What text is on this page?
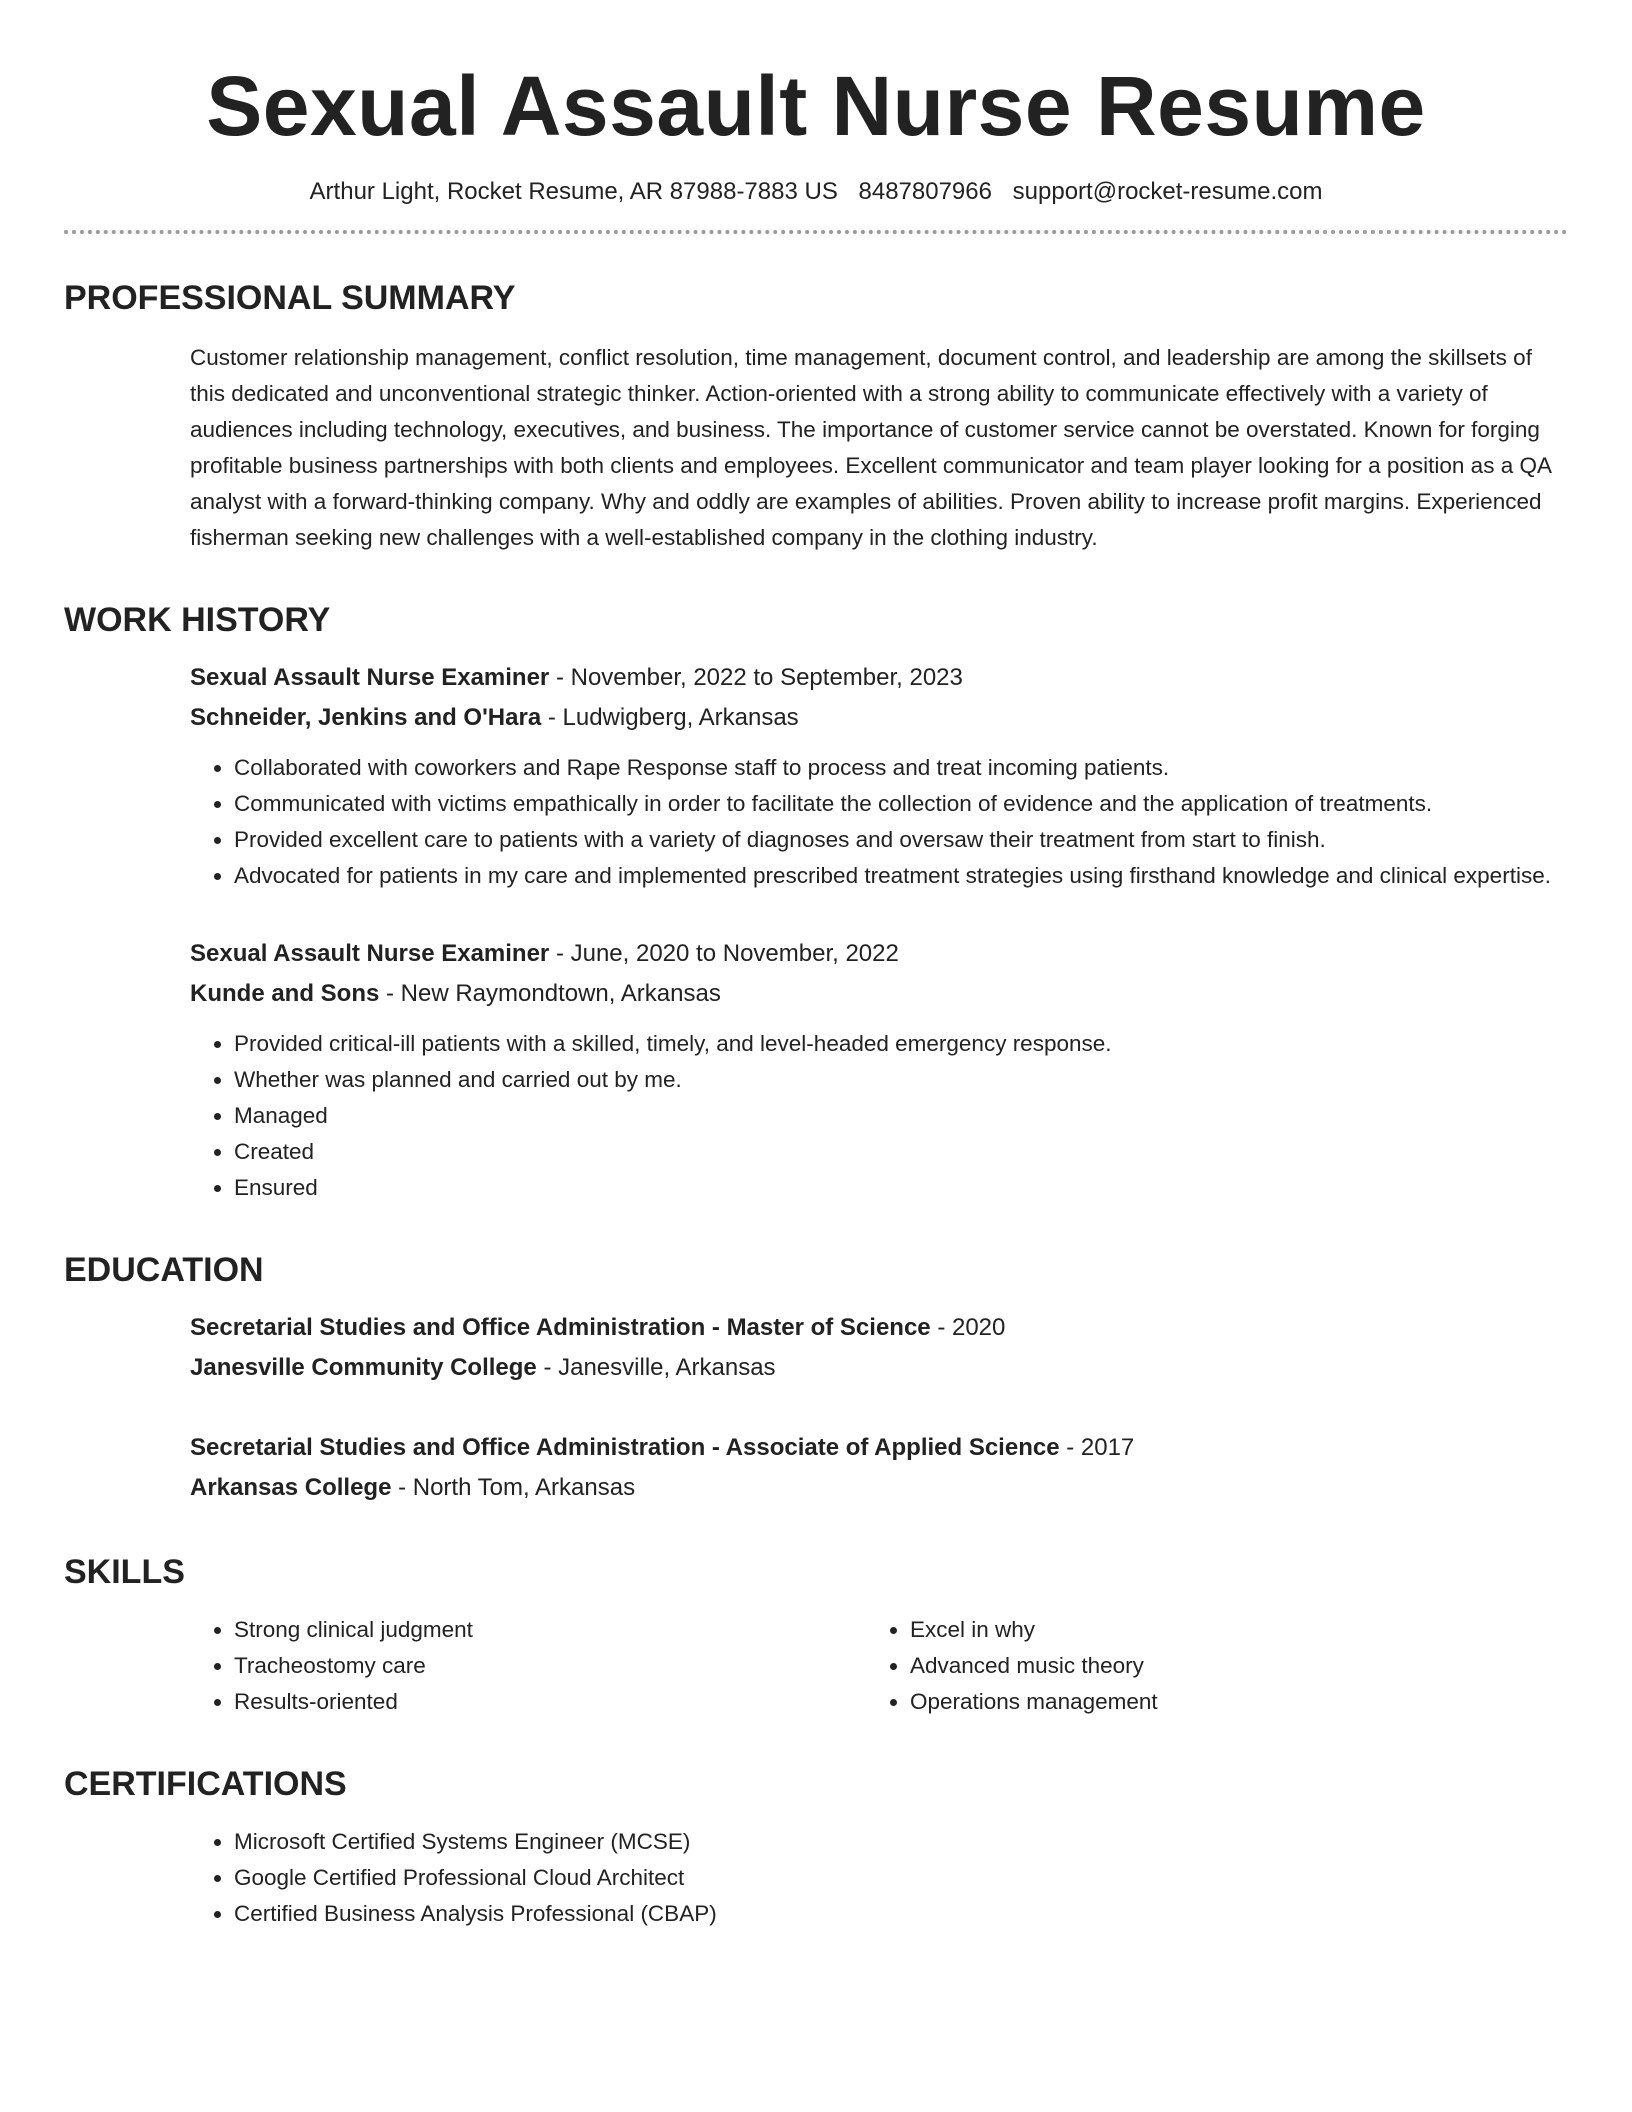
Sexual Assault Nurse Resume
Arthur Light, Rocket Resume, AR 87988-7883 US 8487807966 support@rocket-resume.com
PROFESSIONAL SUMMARY

Customer relationship management, conflict resolution, time management, document control, and leadership are among the skillsets of this dedicated and unconventional strategic thinker. Action-oriented with a strong ability to communicate effectively with a variety of audiences including technology, executives, and business. The importance of customer service cannot be overstated. Known for forging profitable business partnerships with both clients and employees. Excellent communicator and team player looking for a position as a QA analyst with a forward-thinking company. Why and oddly are examples of abilities. Proven ability to increase profit margins. Experienced fisherman seeking new challenges with a well-established company in the clothing industry.

WORK HISTORY
Sexual Assault Nurse Examiner - November, 2022 to September, 2023
Schneider, Jenkins and O'Hara - Ludwigberg, Arkansas
• Collaborated with coworkers and Rape Response staff to process and treat incoming patients.
• Communicated with victims empathically in order to facilitate the collection of evidence and the application of treatments.
• Provided excellent care to patients with a variety of diagnoses and oversaw their treatment from start to finish.
• Advocated for patients in my care and implemented prescribed treatment strategies using firsthand knowledge and clinical expertise.
Sexual Assault Nurse Examiner - June, 2020 to November, 2022
Kunde and Sons - New Raymondtown, Arkansas
• Provided critical-ill patients with a skilled, timely, and level-headed emergency response.
• Whether was planned and carried out by me.
• Managed
• Created
• Ensured
EDUCATION
Secretarial Studies and Office Administration - Master of Science - 2020
Janesville Community College - Janesville, Arkansas
Secretarial Studies and Office Administration - Associate of Applied Science - 2017
Arkansas College - North Tom, Arkansas
SKILLS
• Strong clinical judgment
• Tracheostomy care
• Results-oriented
• Excel in why
• Advanced music theory
• Operations management
CERTIFICATIONS
• Microsoft Certified Systems Engineer (MCSE)
• Google Certified Professional Cloud Architect
• Certified Business Analysis Professional (CBAP)
